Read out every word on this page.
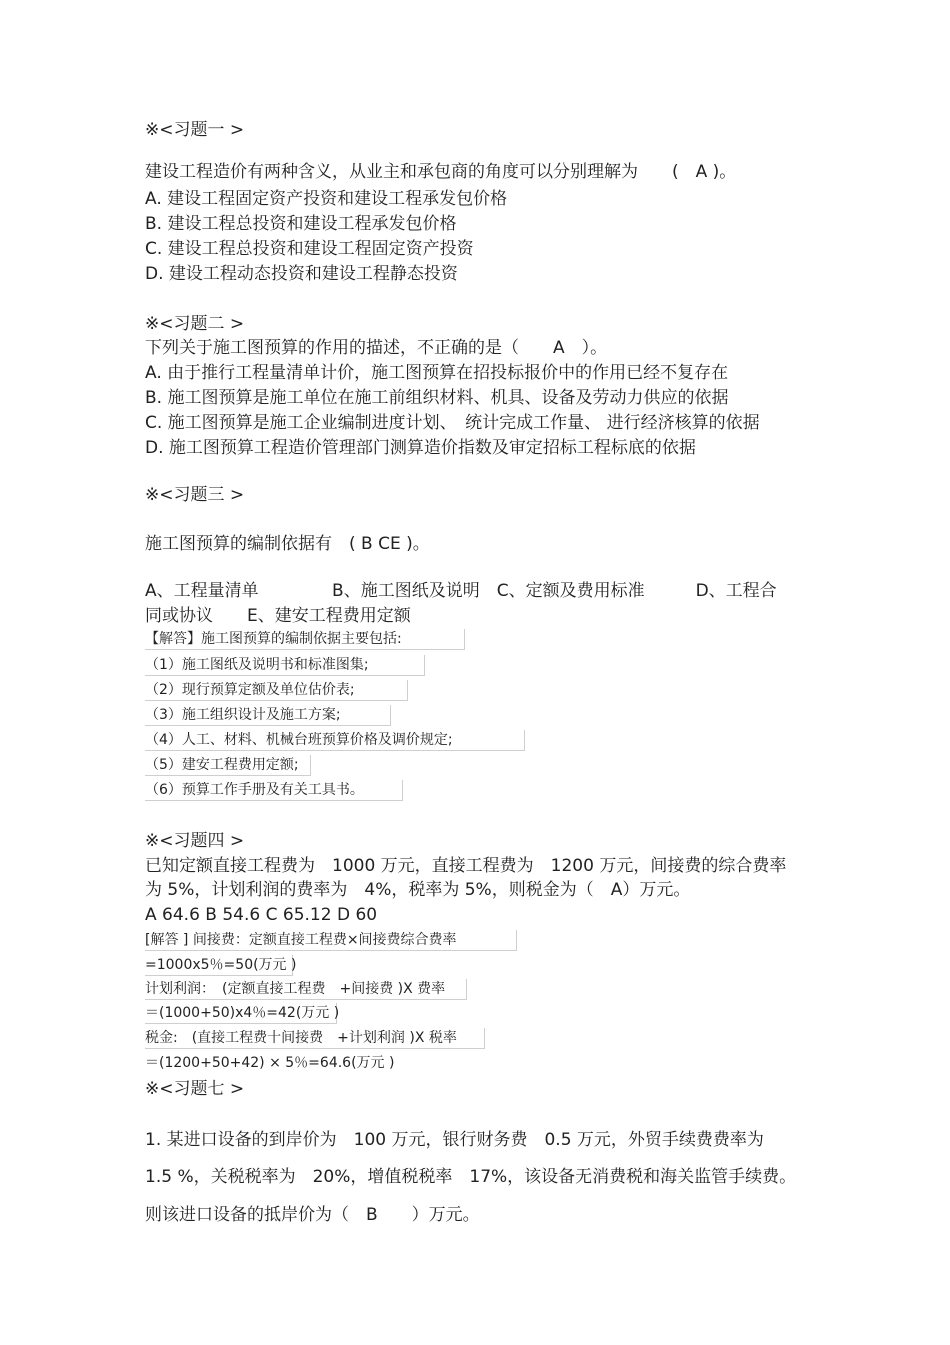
※<习题一 >
建设工程造价有两种含义，从业主和承包商的角度可以分别理解为　　(　A )。
A. 建设工程固定资产投资和建设工程承发包价格
B. 建设工程总投资和建设工程承发包价格
C. 建设工程总投资和建设工程固定资产投资
D. 建设工程动态投资和建设工程静态投资
※<习题二 >
下列关于施工图预算的作用的描述，不正确的是（　　A　）。
A. 由于推行工程量清单计价，施工图预算在招投标报价中的作用已经不复存在
B. 施工图预算是施工单位在施工前组织材料、机具、设备及劳动力供应的依据
C. 施工图预算是施工企业编制进度计划、　统计完成工作量、 进行经济核算的依据
D. 施工图预算工程造价管理部门测算造价指数及审定招标工程标底的依据
※<习题三 >
施工图预算的编制依据有　( B CE )。
A、工程量清单　　　　 B、施工图纸及说明　C、定额及费用标准　　　D、工程合
同或协议　　E、建安工程费用定额
【解答】施工图预算的编制依据主要包括:
（1）施工图纸及说明书和标准图集;
（2）现行预算定额及单位估价表;
（3）施工组织设计及施工方案;
（4）人工、材料、机械台班预算价格及调价规定;
（5）建安工程费用定额;
（6）预算工作手册及有关工具书。
※<习题四 >
已知定额直接工程费为　1000 万元，直接工程费为　1200 万元，间接费的综合费率
为 5%，计划利润的费率为　4%，税率为 5%，则税金为（　A）万元。
A 64.6 B 54.6 C 65.12 D 60
[解答 ] 间接费：定额直接工程费×间接费综合费率
=1000x5％=50(万元 )
计划利润：　(定额直接工程费　+间接费 )X 费率
＝(1000+50)x4％=42(万元 )
税金:　(直接工程费十间接费　+计划利润 )X 税率
＝(1200+50+42) × 5％=64.6(万元 )
※<习题七 >
1. 某进口设备的到岸价为　100 万元，银行财务费　0.5 万元，外贸手续费费率为
1.5 %，关税税率为　20%，增值税税率　17%，该设备无消费税和海关监管手续费。
则该进口设备的抵岸价为（　B　　）万元。
